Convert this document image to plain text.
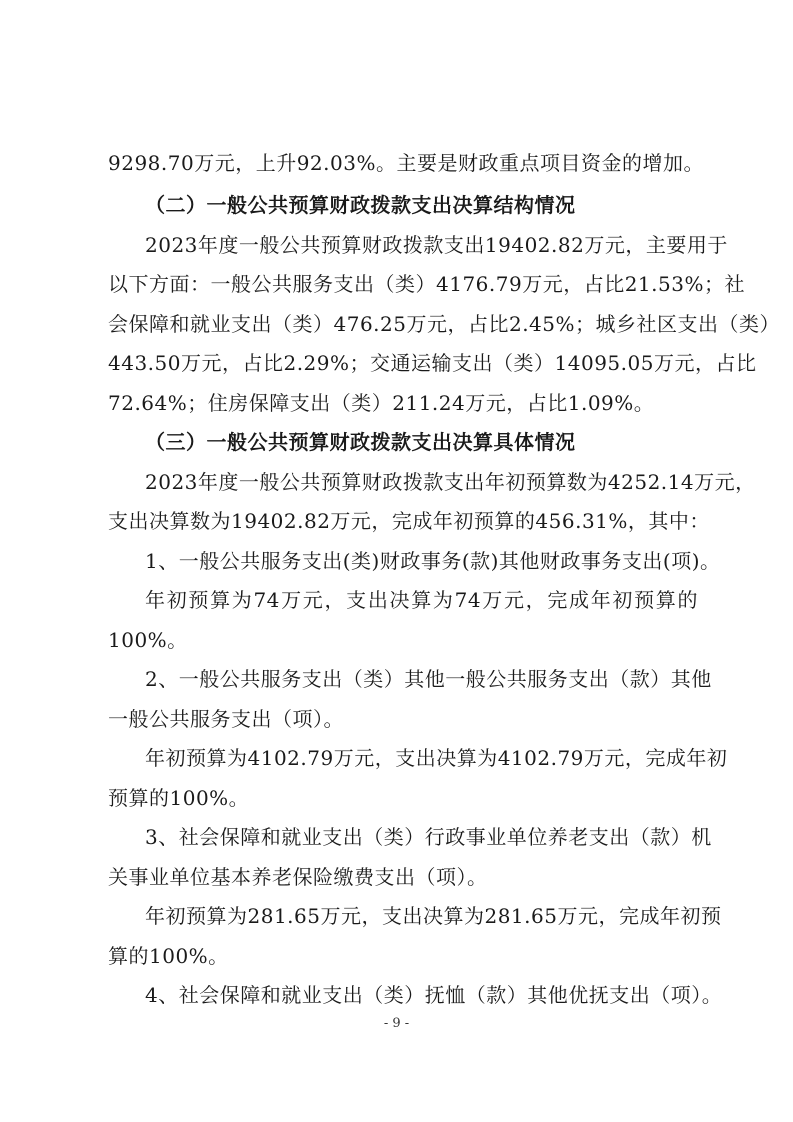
9298.70万元，上升92.03%。主要是财政重点项目资金的增加。
（二）一般公共预算财政拨款支出决算结构情况
2023年度一般公共预算财政拨款支出19402.82万元，主要用于
以下方面：一般公共服务支出（类）4176.79万元，占比21.53%；社
会保障和就业支出（类）476.25万元，占比2.45%；城乡社区支出（类）
443.50万元，占比2.29%；交通运输支出（类）14095.05万元，占比
72.64%；住房保障支出（类）211.24万元，占比1.09%。
（三）一般公共预算财政拨款支出决算具体情况
2023年度一般公共预算财政拨款支出年初预算数为4252.14万元，
支出决算数为19402.82万元，完成年初预算的456.31%，其中：
1、一般公共服务支出(类)财政事务(款)其他财政事务支出(项)。
年初预算为74万元，支出决算为74万元，完成年初预算的
100%。
2、一般公共服务支出（类）其他一般公共服务支出（款）其他
一般公共服务支出（项）。
年初预算为4102.79万元，支出决算为4102.79万元，完成年初
预算的100%。
3、社会保障和就业支出（类）行政事业单位养老支出（款）机
关事业单位基本养老保险缴费支出（项）。
年初预算为281.65万元，支出决算为281.65万元，完成年初预
算的100%。
4、社会保障和就业支出（类）抚恤（款）其他优抚支出（项）。
- 9 -
